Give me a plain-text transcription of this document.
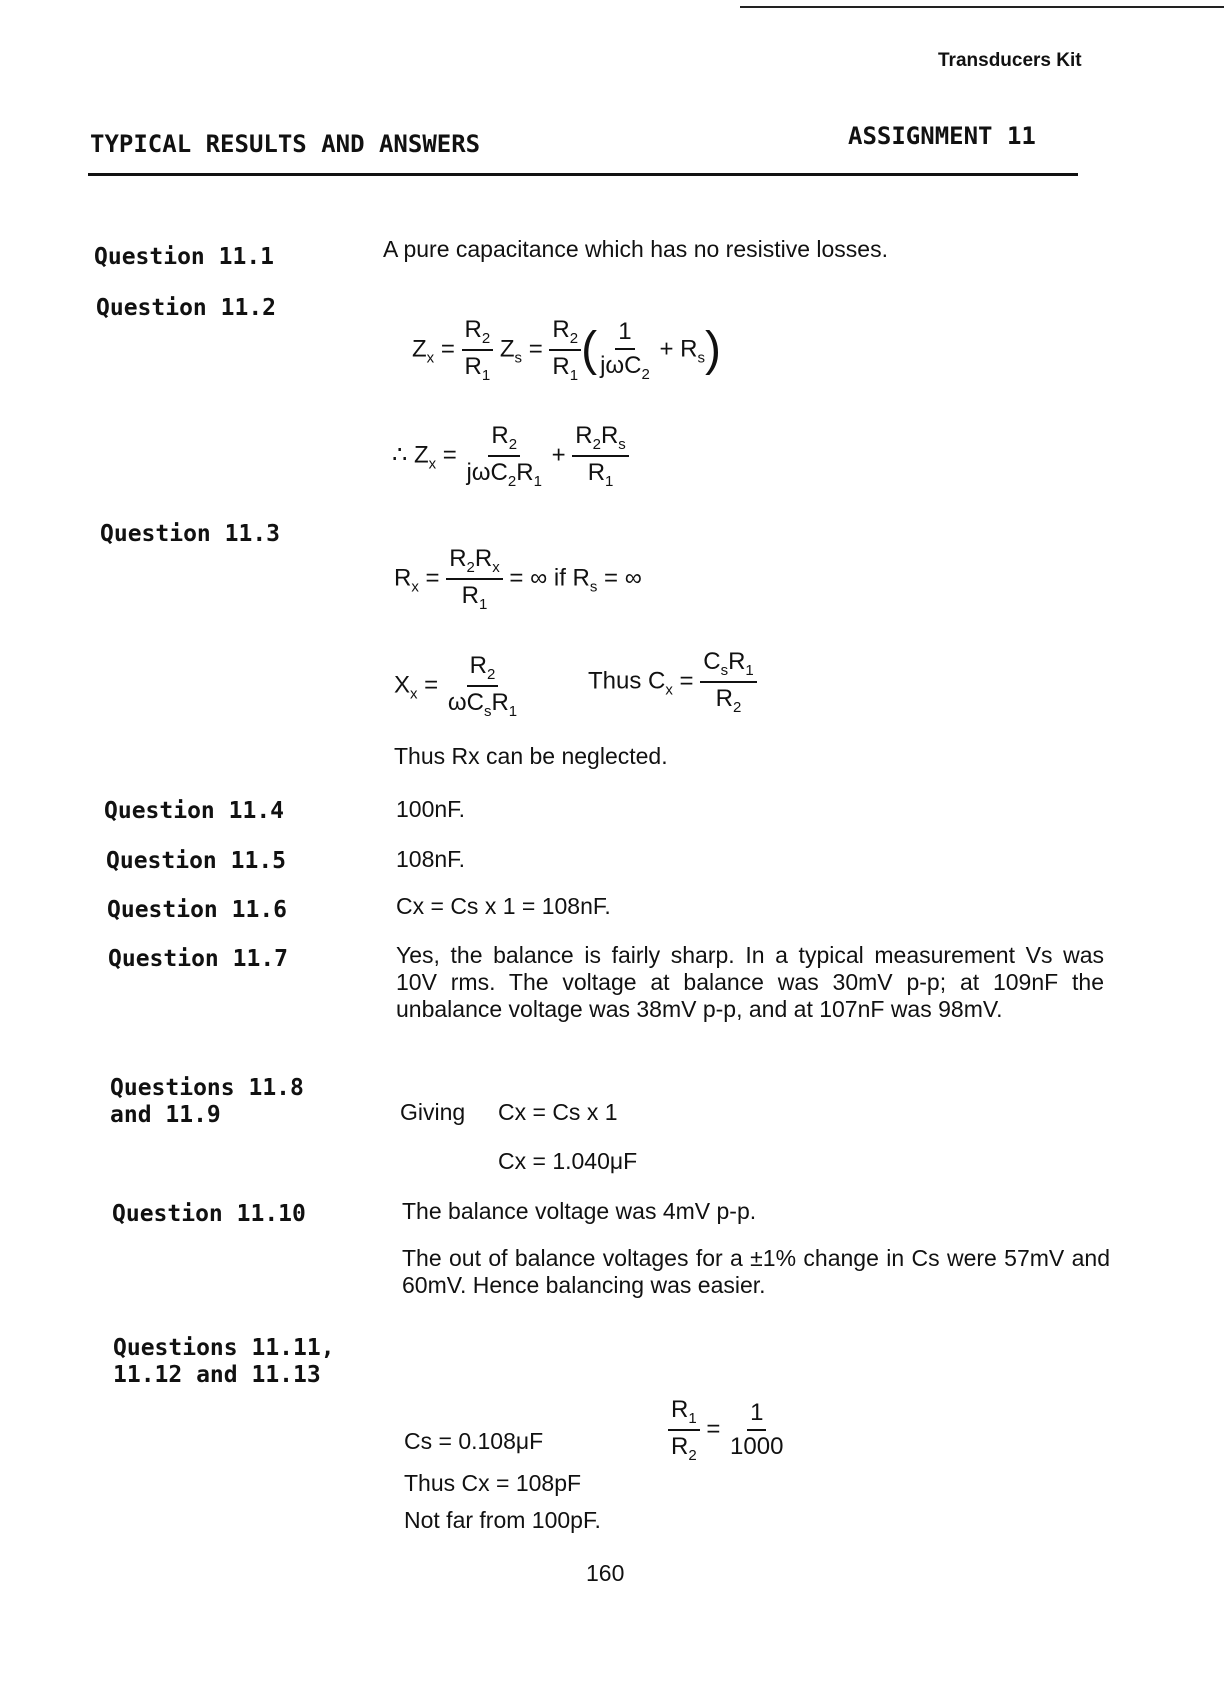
Transducers Kit
TYPICAL RESULTS AND ANSWERS	ASSIGNMENT 11
Question 11.1	A pure capacitance which has no resistive losses.
Question 11.2
$Z_x = \frac{R_2}{R_1} Z_s = \frac{R_2}{R_1}$ ( $\frac{1}{j\omega C_2} + R_s$)
∴ $Z_x = \frac{R_2}{j\omega C_2R_1} + \frac{R_2R_s}{R_1}$
Question 11.3
$R_x = \frac{R_2R_x}{R_1}$ = ∞ if $R_s$ = ∞
$X_x = \frac{R_2}{\omega C_sR_1}$	Thus $C_x = \frac{C_sR_1}{R_2}$
Thus Rx can be neglected.
Question 11.4	100nF.
Question 11.5	108nF.
Question 11.6	Cx = Cs x 1 = 108nF.
Question 11.7	Yes, the balance is fairly sharp. In a typical measurement Vs was 10V rms. The voltage at balance was 30mV p-p; at 109nF the unbalance voltage was 38mV p-p, and at 107nF was 98mV.
Questions 11.8
and 11.9	Giving Cx = Cs x 1
Cx = 1.040μF
Question 11.10	The balance voltage was 4mV p-p.
The out of balance voltages for a ±1% change in Cs were 57mV and 60mV. Hence balancing was easier.
Questions 11.11,
11.12 and 11.13
$\frac{R_1}{R_2} = \frac{1}{1000}$
Cs = 0.108μF
Thus Cx = 108pF
Not far from 100pF.
160
